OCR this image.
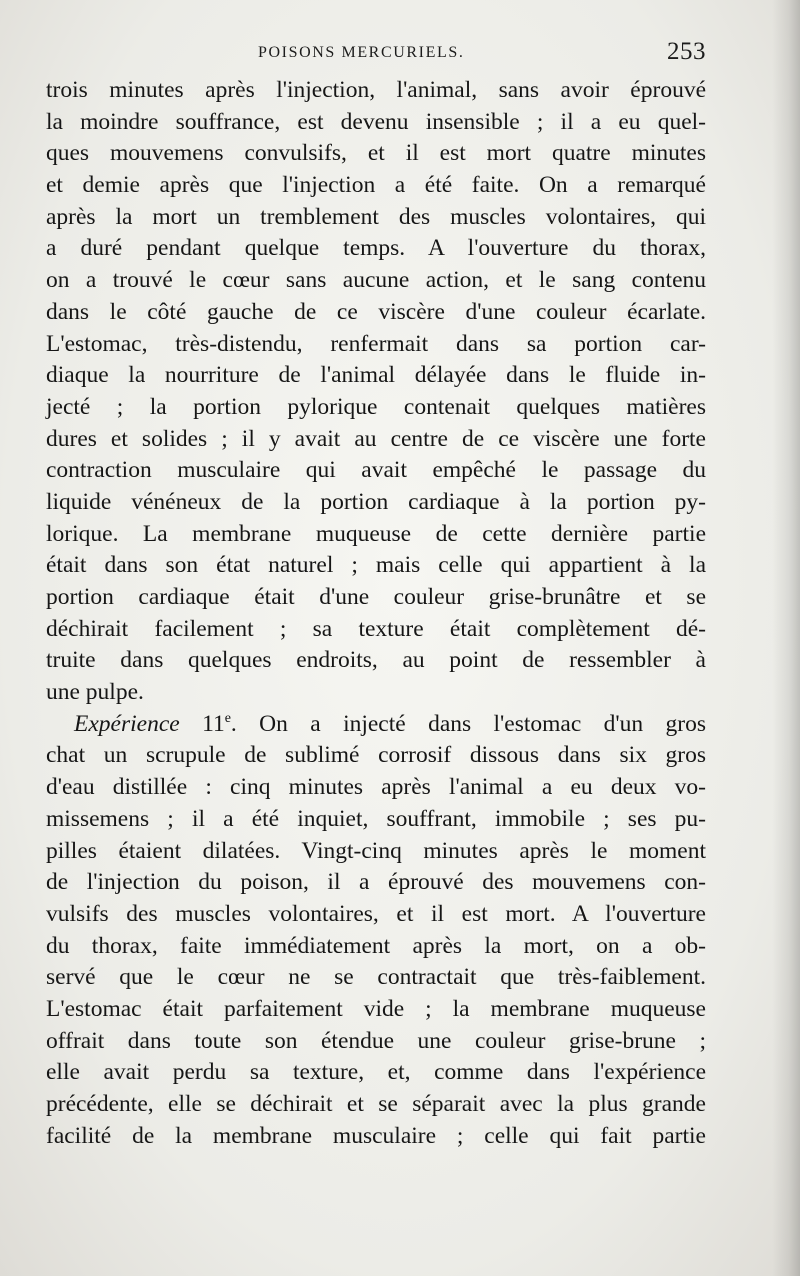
POISONS MERCURIELS.	253
trois minutes après l'injection, l'animal, sans avoir éprouvé
la moindre souffrance, est devenu insensible ; il a eu quel-
ques mouvemens convulsifs, et il est mort quatre minutes
et demie après que l'injection a été faite. On a remarqué
après la mort un tremblement des muscles volontaires, qui
a duré pendant quelque temps. A l'ouverture du thorax,
on a trouvé le cœur sans aucune action, et le sang contenu
dans le côté gauche de ce viscère d'une couleur écarlate.
L'estomac, très-distendu, renfermait dans sa portion car-
diaque la nourriture de l'animal délayée dans le fluide in-
jecté ; la portion pylorique contenait quelques matières
dures et solides ; il y avait au centre de ce viscère une forte
contraction musculaire qui avait empêché le passage du
liquide vénéneux de la portion cardiaque à la portion py-
lorique. La membrane muqueuse de cette dernière partie
était dans son état naturel ; mais celle qui appartient à la
portion cardiaque était d'une couleur grise-brunâtre et se
déchirait facilement ; sa texture était complètement dé-
truite dans quelques endroits, au point de ressembler à
une pulpe.
Expérience 11e. On a injecté dans l'estomac d'un gros
chat un scrupule de sublimé corrosif dissous dans six gros
d'eau distillée : cinq minutes après l'animal a eu deux vo-
missemens ; il a été inquiet, souffrant, immobile ; ses pu-
pilles étaient dilatées. Vingt-cinq minutes après le moment
de l'injection du poison, il a éprouvé des mouvemens con-
vulsifs des muscles volontaires, et il est mort. A l'ouverture
du thorax, faite immédiatement après la mort, on a ob-
servé que le cœur ne se contractait que très-faiblement.
L'estomac était parfaitement vide ; la membrane muqueuse
offrait dans toute son étendue une couleur grise-brune ;
elle avait perdu sa texture, et, comme dans l'expérience
précédente, elle se déchirait et se séparait avec la plus grande
facilité de la membrane musculaire ; celle qui fait partie
